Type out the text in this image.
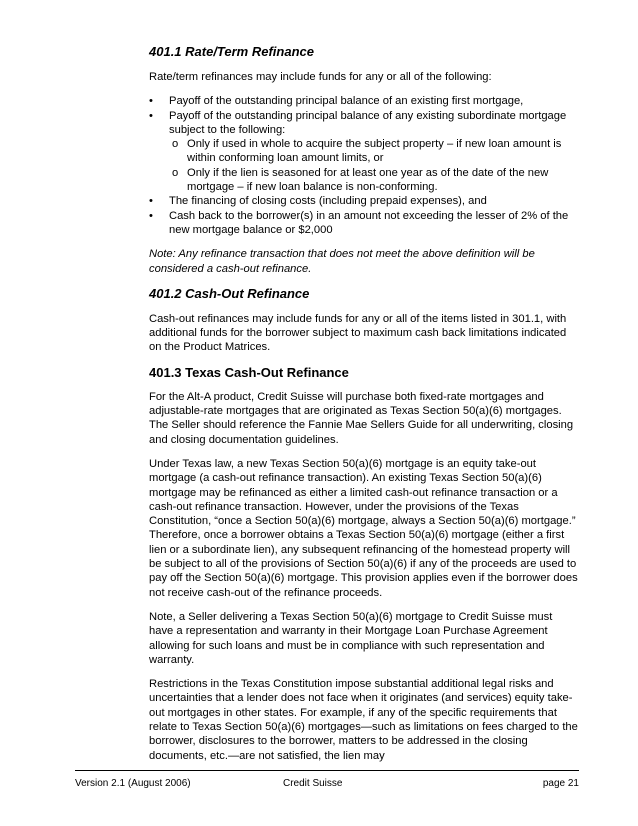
401.1 Rate/Term Refinance

Rate/term refinances may include funds for any or all of the following:

• Payoff of the outstanding principal balance of an existing first mortgage,
• Payoff of the outstanding principal balance of any existing subordinate mortgage subject to the following:
o Only if used in whole to acquire the subject property – if new loan amount is within conforming loan amount limits, or
o Only if the lien is seasoned for at least one year as of the date of the new mortgage – if new loan balance is non-conforming.
• The financing of closing costs (including prepaid expenses), and
• Cash back to the borrower(s) in an amount not exceeding the lesser of 2% of the new mortgage balance or $2,000

Note: Any refinance transaction that does not meet the above definition will be considered a cash-out refinance.

401.2 Cash-Out Refinance

Cash-out refinances may include funds for any or all of the items listed in 301.1, with additional funds for the borrower subject to maximum cash back limitations indicated on the Product Matrices.

401.3 Texas Cash-Out Refinance

For the Alt-A product, Credit Suisse will purchase both fixed-rate mortgages and adjustable-rate mortgages that are originated as Texas Section 50(a)(6) mortgages. The Seller should reference the Fannie Mae Sellers Guide for all underwriting, closing and closing documentation guidelines.

Under Texas law, a new Texas Section 50(a)(6) mortgage is an equity take-out mortgage (a cash-out refinance transaction). An existing Texas Section 50(a)(6) mortgage may be refinanced as either a limited cash-out refinance transaction or a cash-out refinance transaction. However, under the provisions of the Texas Constitution, “once a Section 50(a)(6) mortgage, always a Section 50(a)(6) mortgage.” Therefore, once a borrower obtains a Texas Section 50(a)(6) mortgage (either a first lien or a subordinate lien), any subsequent refinancing of the homestead property will be subject to all of the provisions of Section 50(a)(6) if any of the proceeds are used to pay off the Section 50(a)(6) mortgage. This provision applies even if the borrower does not receive cash-out of the refinance proceeds.

Note, a Seller delivering a Texas Section 50(a)(6) mortgage to Credit Suisse must have a representation and warranty in their Mortgage Loan Purchase Agreement allowing for such loans and must be in compliance with such representation and warranty.

Restrictions in the Texas Constitution impose substantial additional legal risks and uncertainties that a lender does not face when it originates (and services) equity take-out mortgages in other states. For example, if any of the specific requirements that relate to Texas Section 50(a)(6) mortgages—such as limitations on fees charged to the borrower, disclosures to the borrower, matters to be addressed in the closing documents, etc.—are not satisfied, the lien may

Version 2.1 (August 2006)	Credit Suisse	page 21
